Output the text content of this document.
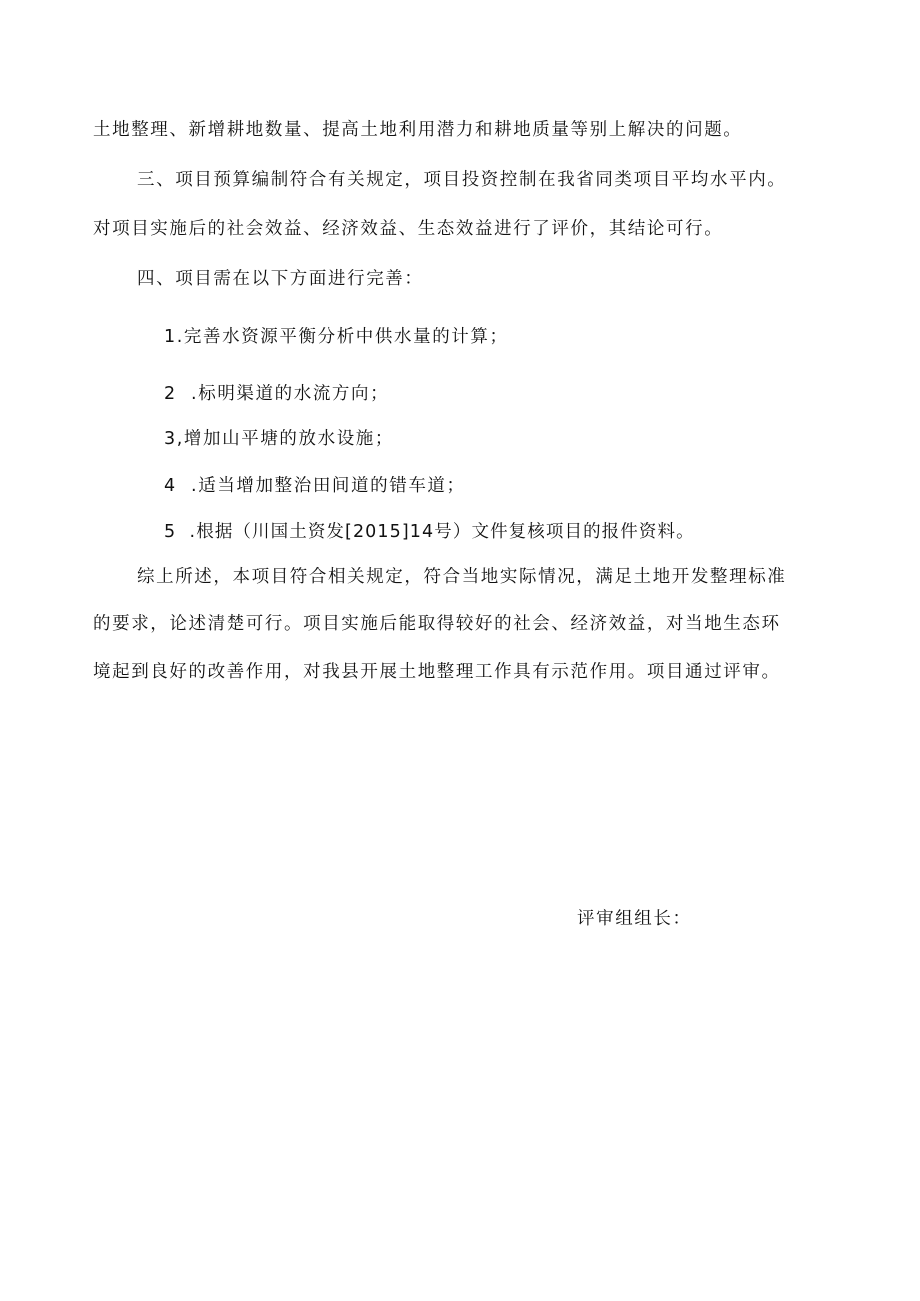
土地整理、新增耕地数量、提高土地利用潜力和耕地质量等别上解决的问题。
三、项目预算编制符合有关规定，项目投资控制在我省同类项目平均水平内。
对项目实施后的社会效益、经济效益、生态效益进行了评价，其结论可行。
四、项目需在以下方面进行完善：
1.完善水资源平衡分析中供水量的计算；
2  .标明渠道的水流方向；
3,增加山平塘的放水设施；
4  .适当增加整治田间道的错车道；
5  .根据（川国土资发[2015]14号）文件复核项目的报件资料。
综上所述，本项目符合相关规定，符合当地实际情况，满足土地开发整理标准
的要求，论述清楚可行。项目实施后能取得较好的社会、经济效益，对当地生态环
境起到良好的改善作用，对我县开展土地整理工作具有示范作用。项目通过评审。
评审组组长：
